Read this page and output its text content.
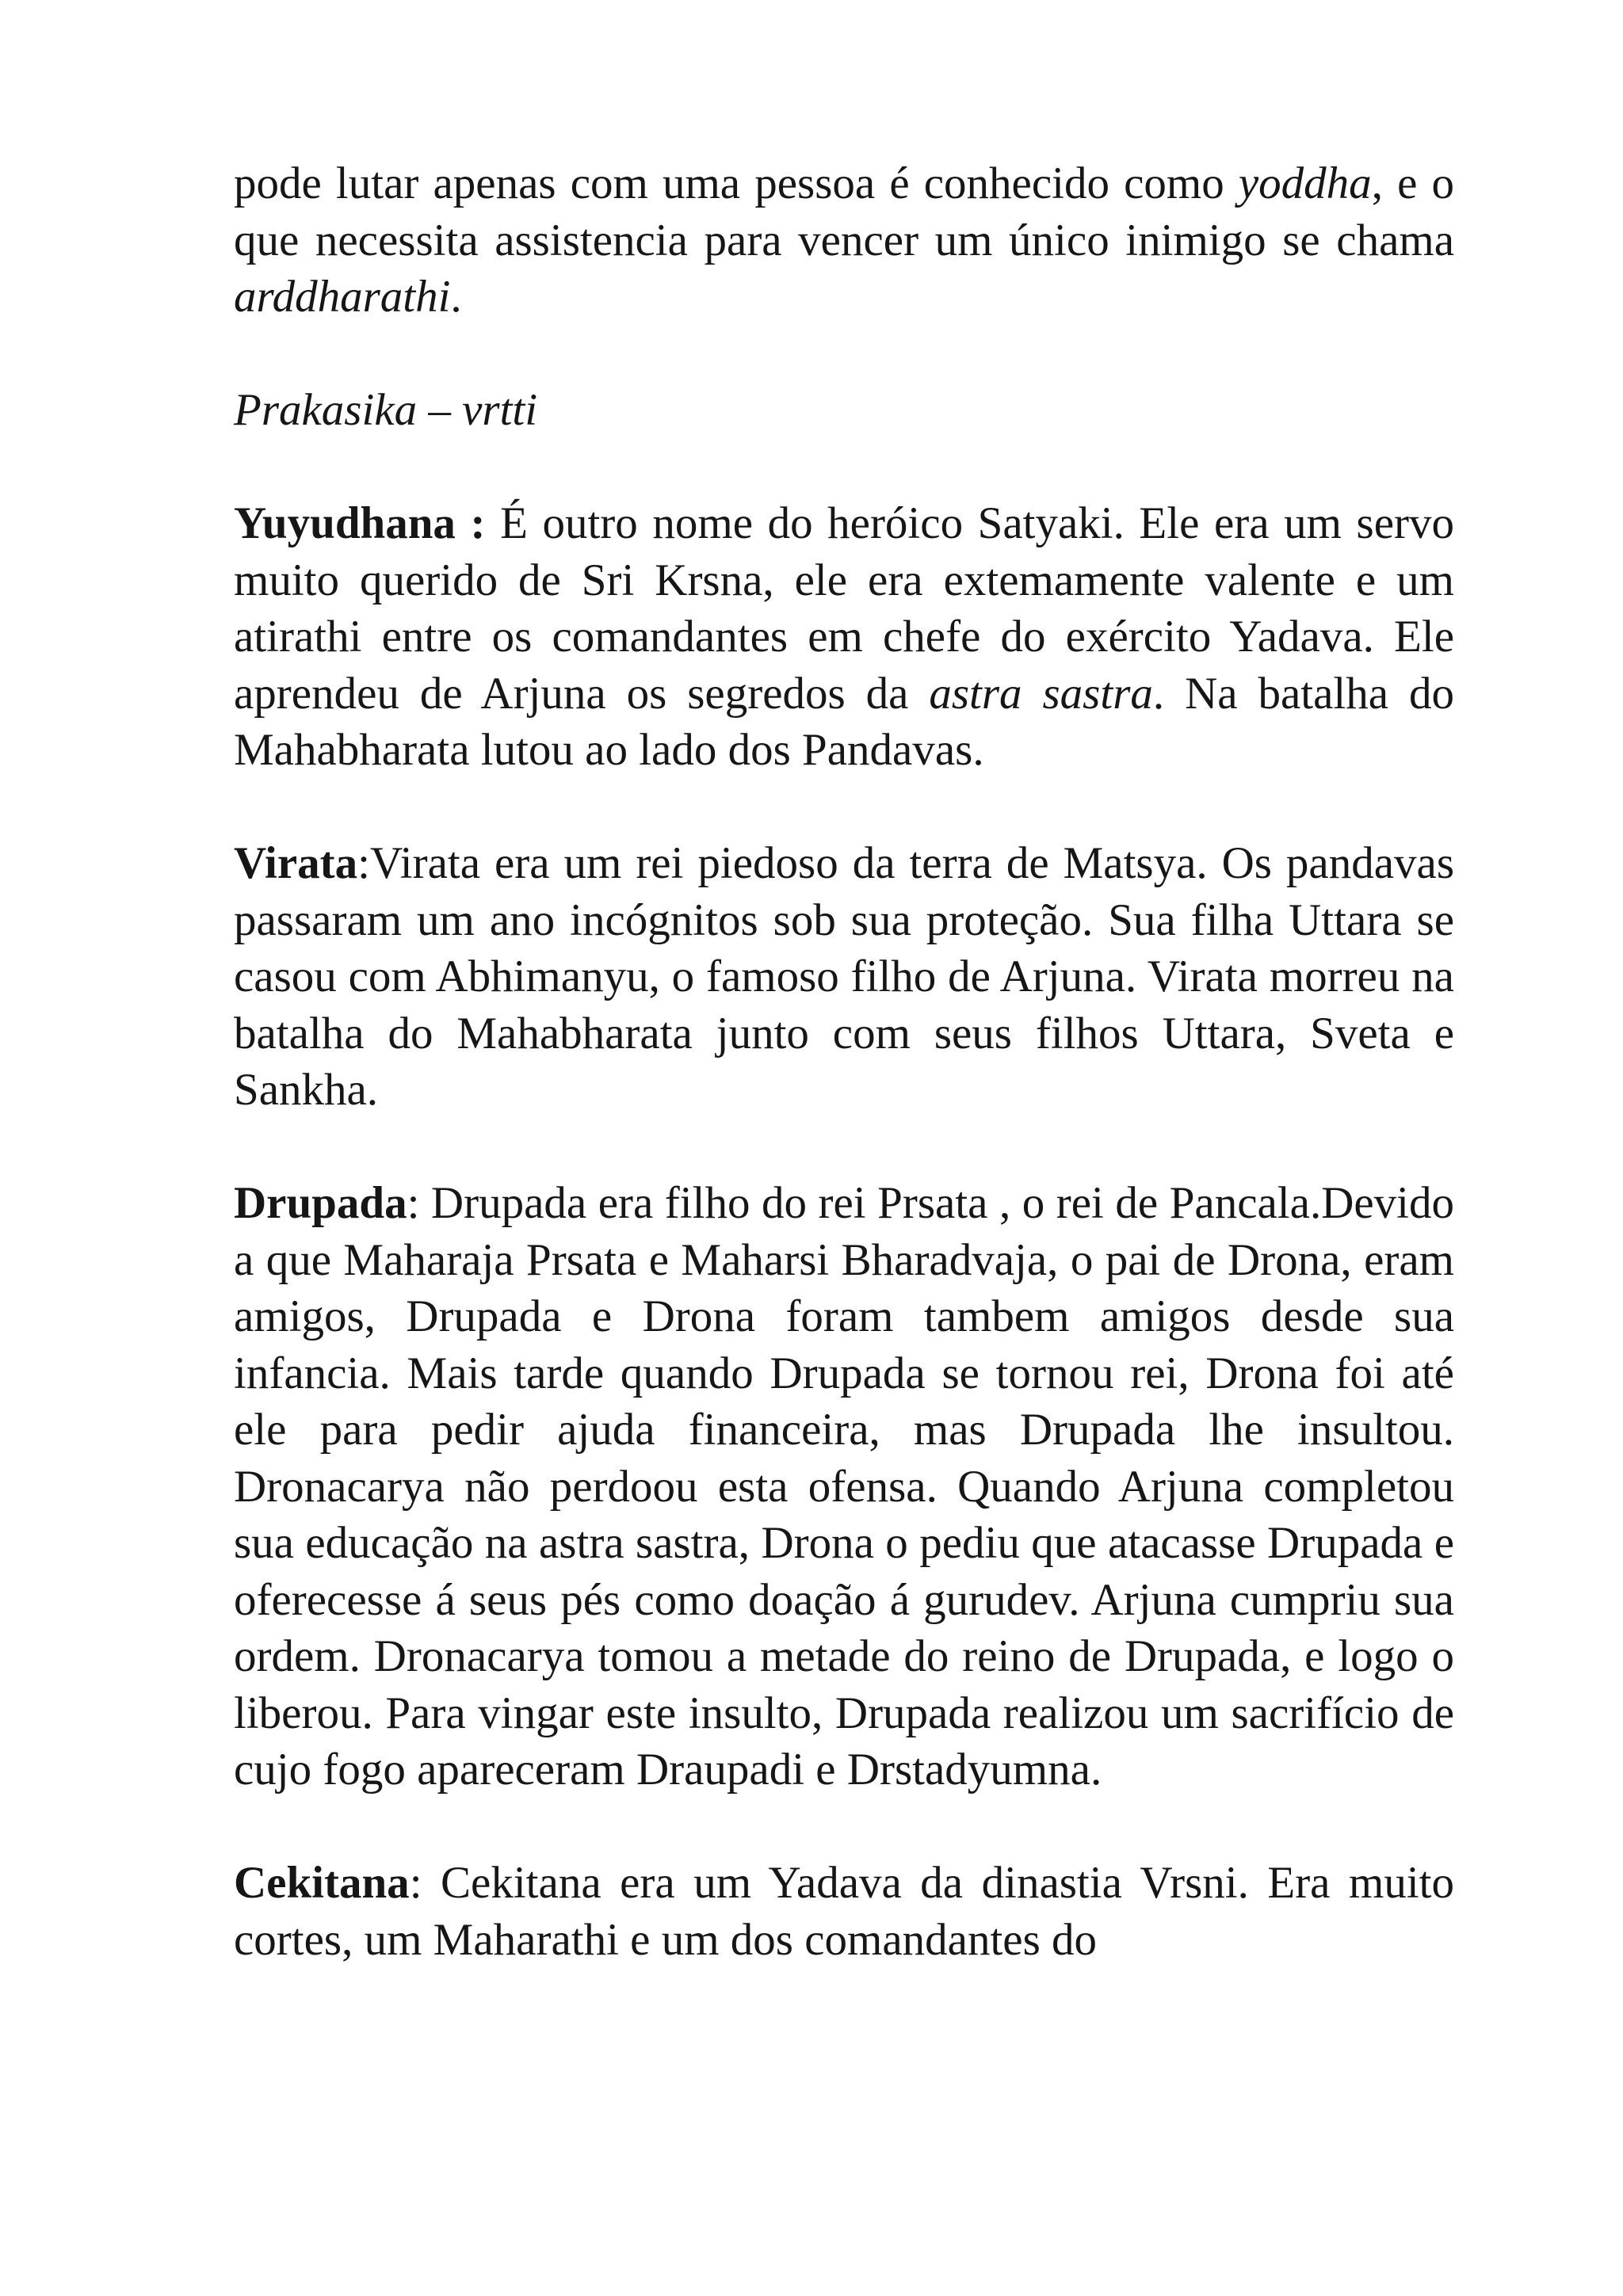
pode lutar apenas com uma pessoa é conhecido como yoddha, e o que necessita assistencia para vencer um único inimigo se chama arddharathi.

Prakasika – vrtti

Yuyudhana : É outro nome do heróico Satyaki. Ele era um servo muito querido de Sri Krsna, ele era extemamente valente e um atirathi entre os comandantes em chefe do exército Yadava. Ele aprendeu de Arjuna os segredos da astra sastra. Na batalha do Mahabharata lutou ao lado dos Pandavas.

Virata:Virata era um rei piedoso da terra de Matsya. Os pandavas passaram um ano incógnitos sob sua proteção. Sua filha Uttara se casou com Abhimanyu, o famoso filho de Arjuna. Virata morreu na batalha do Mahabharata junto com seus filhos Uttara, Sveta e Sankha.

Drupada: Drupada era filho do rei Prsata , o rei de Pancala.Devido a que Maharaja Prsata e Maharsi Bharadvaja, o pai de Drona, eram amigos, Drupada e Drona foram tambem amigos desde sua infancia. Mais tarde quando Drupada se tornou rei, Drona foi até ele para pedir ajuda financeira, mas Drupada lhe insultou. Dronacarya não perdoou esta ofensa. Quando Arjuna completou sua educação na astra sastra, Drona o pediu que atacasse Drupada e oferecesse á seus pés como doação á gurudev. Arjuna cumpriu sua ordem. Dronacarya tomou a metade do reino de Drupada, e logo o liberou. Para vingar este insulto, Drupada realizou um sacrifício de cujo fogo apareceram Draupadi e Drstadyumna.

Cekitana: Cekitana era um Yadava da dinastia Vrsni. Era muito cortes, um Maharathi e um dos comandantes do
